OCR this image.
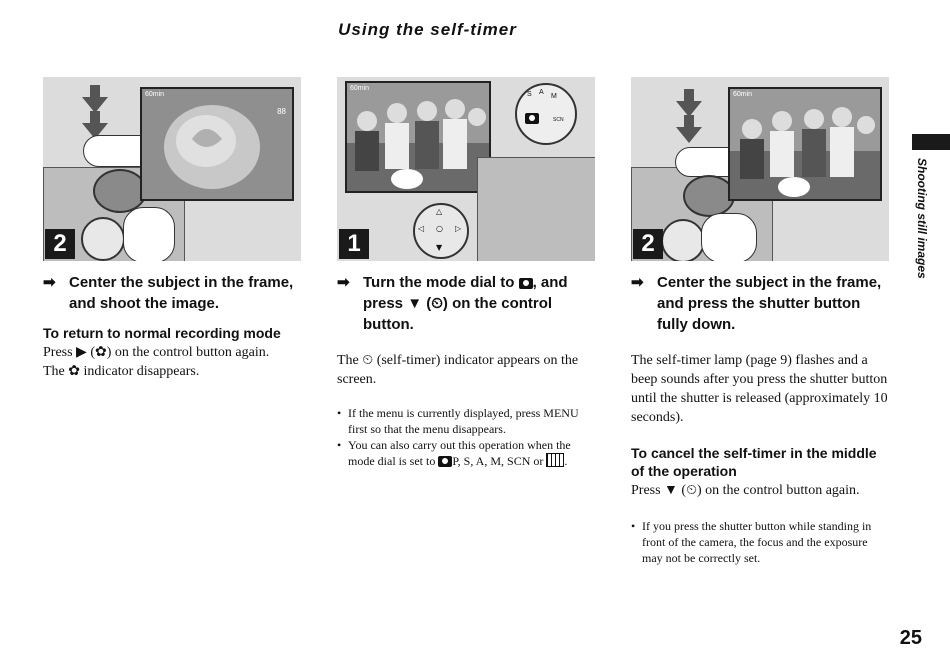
Using the self-timer
Shooting still images
60min
88
2
➡ Center the subject in the frame, and shoot the image.
To return to normal recording mode
Press ▶ (✿) on the control button again.
The ✿ indicator disappears.
60min
S A
M
SCN
△
◁	▷
▼
○
1
➡ Turn the mode dial to , and press ▼ (⏲) on the control button.
The ⏲ (self-timer) indicator appears on the screen.
• If the menu is currently displayed, press MENU first so that the menu disappears.
• You can also carry out this operation when the mode dial is set to P, S, A, M, SCN or .
60min
2
➡ Center the subject in the frame, and press the shutter button fully down.
The self-timer lamp (page 9) flashes and a beep sounds after you press the shutter button until the shutter is released (approximately 10 seconds).
To cancel the self-timer in the middle of the operation
Press ▼ (⏲) on the control button again.
• If you press the shutter button while standing in front of the camera, the focus and the exposure may not be correctly set.
25
